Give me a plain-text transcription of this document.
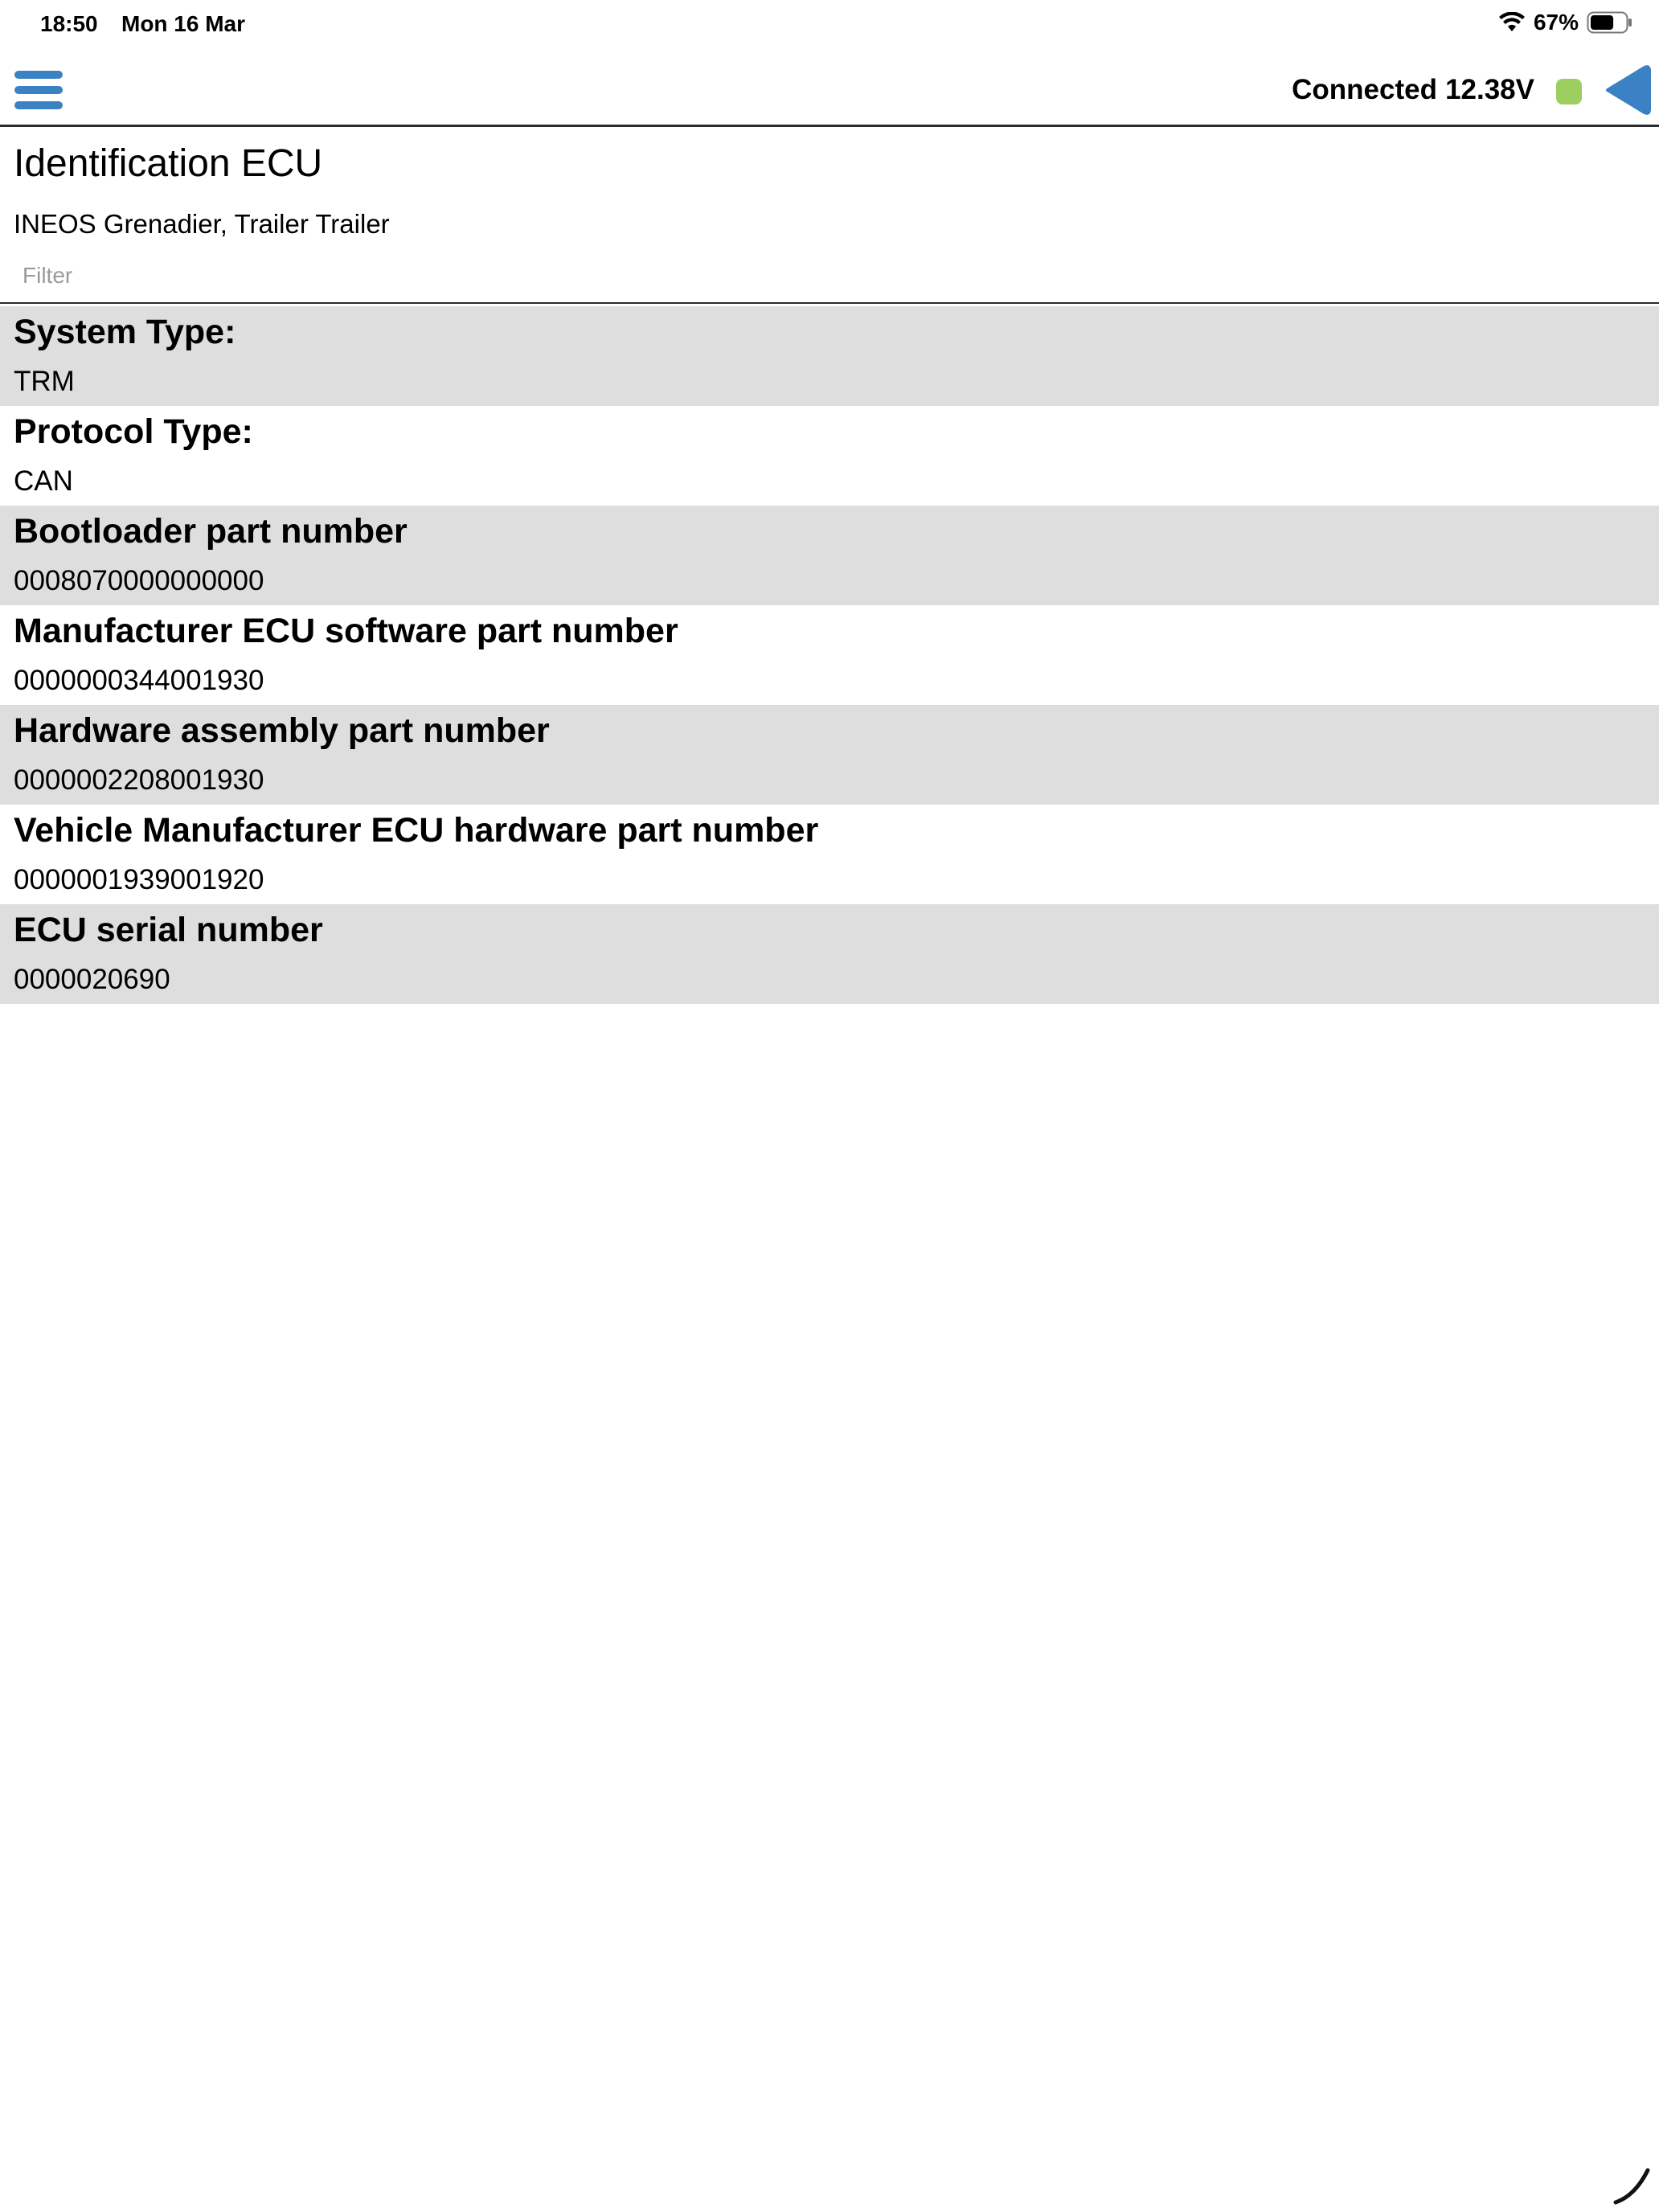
18:50 Mon 16 Mar	67%
Connected 12.38V
Identification ECU
INEOS Grenadier, Trailer Trailer
Filter
System Type:
TRM
Protocol Type:
CAN
Bootloader part number
0008070000000000
Manufacturer ECU software part number
0000000344001930
Hardware assembly part number
0000002208001930
Vehicle Manufacturer ECU hardware part number
0000001939001920
ECU serial number
0000020690
